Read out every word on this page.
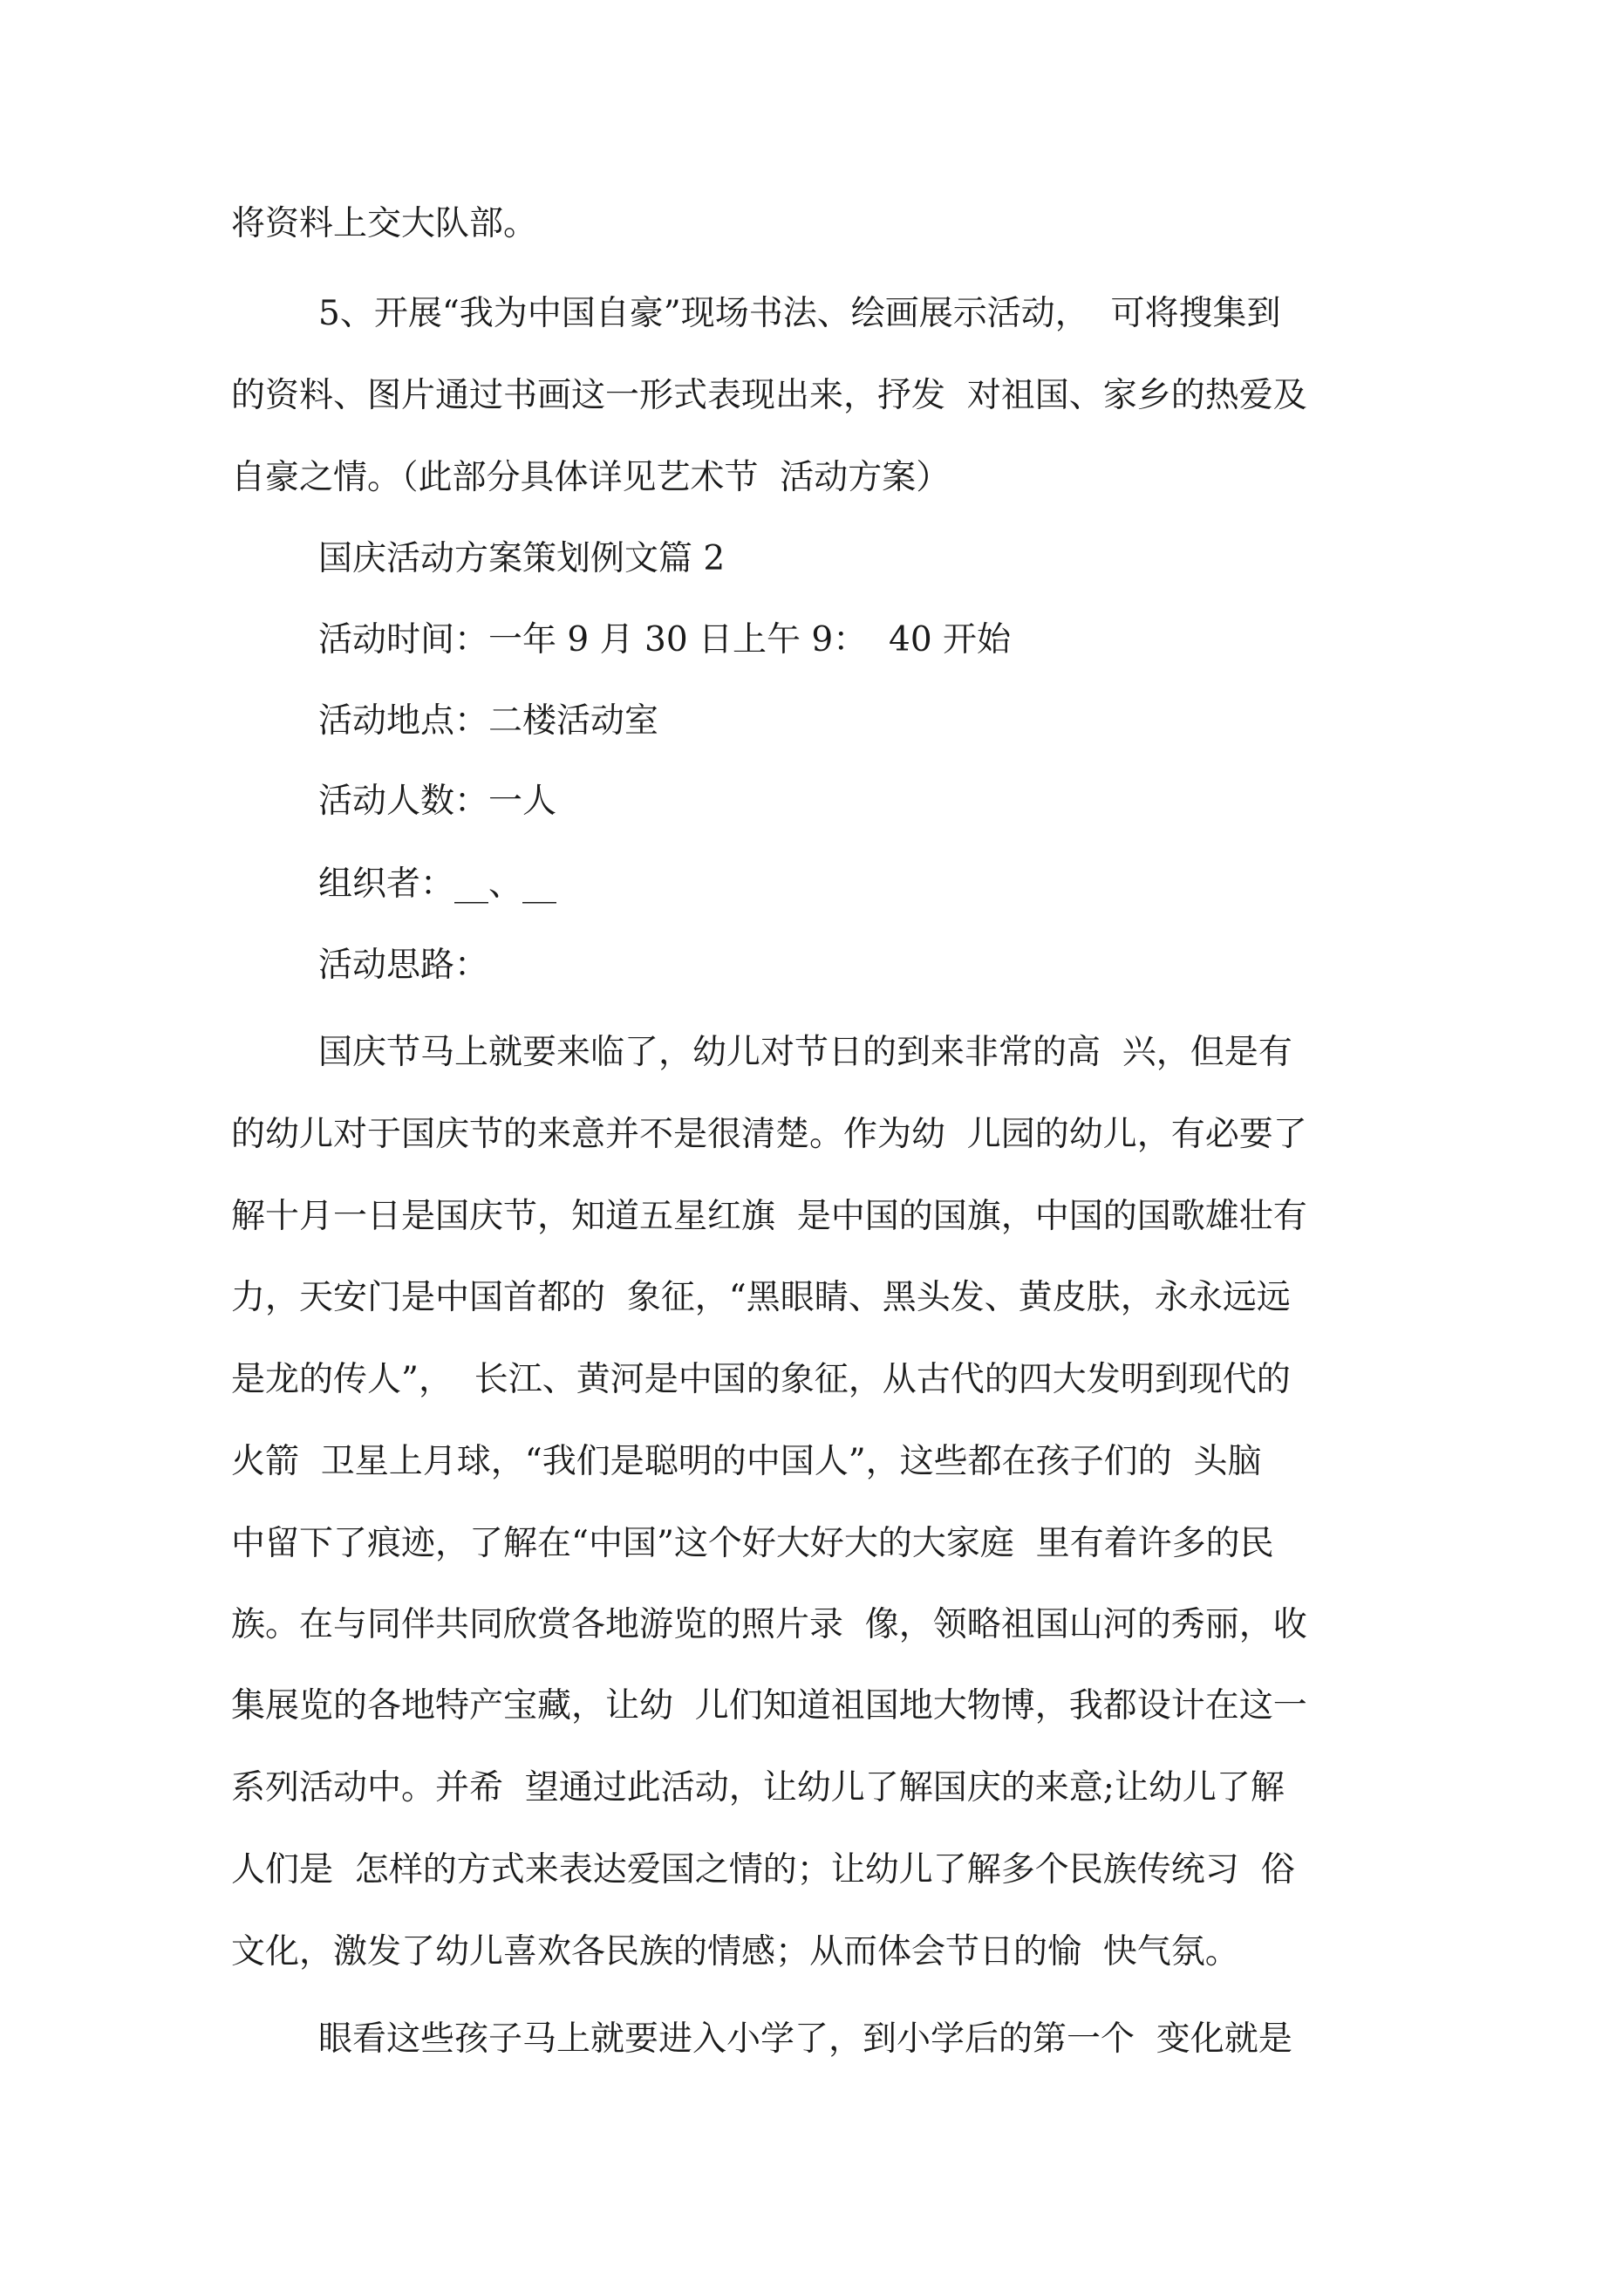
将资料上交大队部。
5、开展“我为中国自豪”现场书法、绘画展示活动，  可将搜集到
的资料、图片通过书画这一形式表现出来，抒发  对祖国、家乡的热爱及
自豪之情。（此部分具体详见艺术节  活动方案）
国庆活动方案策划例文篇 2
活动时间：一年 9 月 30 日上午 9：  40 开始
活动地点：二楼活动室
活动人数：一人
组织者：__、__
活动思路：
国庆节马上就要来临了，幼儿对节日的到来非常的高  兴，但是有
的幼儿对于国庆节的来意并不是很清楚。作为幼  儿园的幼儿，有必要了
解十月一日是国庆节，知道五星红旗  是中国的国旗，中国的国歌雄壮有
力，天安门是中国首都的  象征，“黑眼睛、黑头发、黄皮肤，永永远远
是龙的传人”，  长江、黄河是中国的象征，从古代的四大发明到现代的
火箭  卫星上月球，“我们是聪明的中国人”，这些都在孩子们的  头脑
中留下了痕迹，了解在“中国”这个好大好大的大家庭  里有着许多的民
族。在与同伴共同欣赏各地游览的照片录  像，领略祖国山河的秀丽，收
集展览的各地特产宝藏，让幼  儿们知道祖国地大物博，我都设计在这一
系列活动中。并希  望通过此活动，让幼儿了解国庆的来意;让幼儿了解
人们是  怎样的方式来表达爱国之情的；让幼儿了解多个民族传统习  俗
文化，激发了幼儿喜欢各民族的情感；从而体会节日的愉  快气氛。
眼看这些孩子马上就要进入小学了，到小学后的第一个  变化就是
